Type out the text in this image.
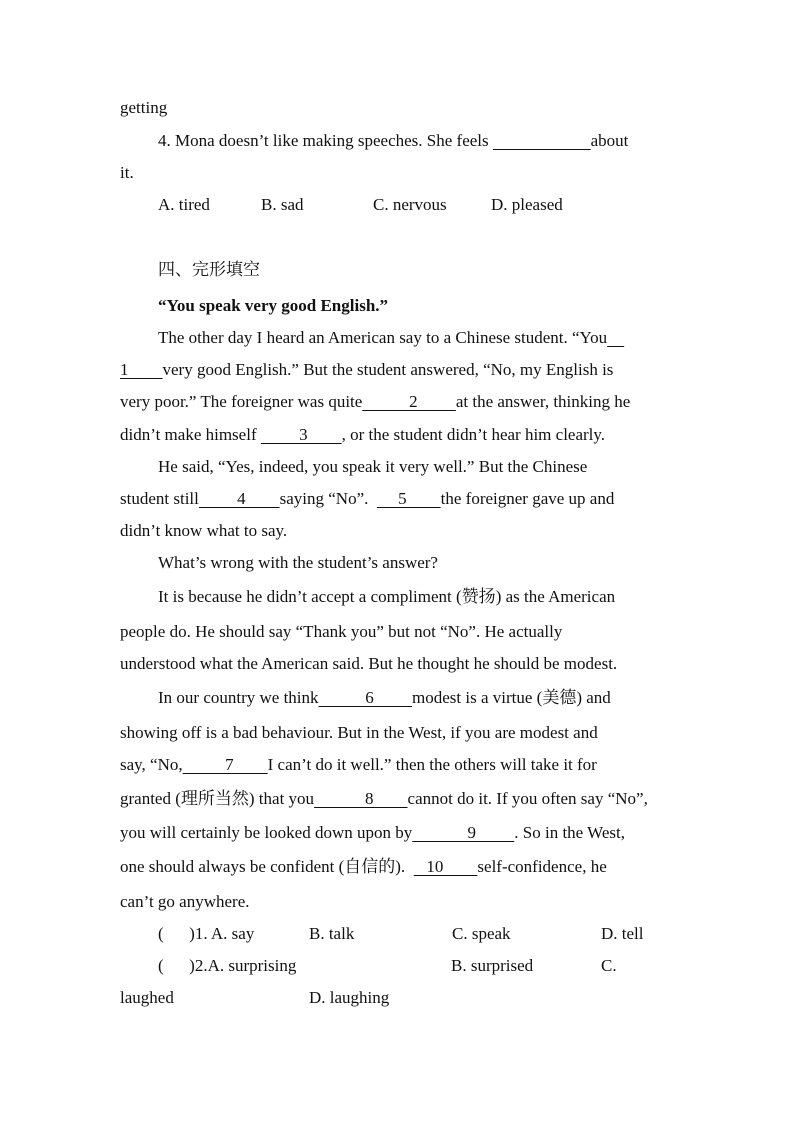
getting
4. Mona doesn’t like making speeches. She feels	about
it.
A. tired	B. sad	C. nervous	D. pleased
四、完形填空
“You speak very good English.”
The other day I heard an American say to a Chinese student. “You
1        very good English.” But the student answered, “No, my English is
very poor.” The foreigner was quite           2         at the answer, thinking he
didn’t make himself          3        , or the student didn’t hear him clearly.
He said, “Yes, indeed, you speak it very well.” But the Chinese
student still         4        saying “No”.       5        the foreigner gave up and
didn’t know what to say.
What’s wrong with the student’s answer?
It is because he didn’t accept a compliment (赞扬) as the American
people do. He should say “Thank you” but not “No”. He actually
understood what the American said. But he thought he should be modest.
In our country we think           6         modest is a virtue (美德) and
showing off is a bad behaviour. But in the West, if you are modest and
say, “No,          7        I can’t do it well.” then the others will take it for
granted (理所当然) that you            8        cannot do it. If you often say “No”,
you will certainly be looked down upon by             9         . So in the West,
one should always be confident (自信的).     10        self-confidence, he
can’t go anywhere.
(      )1. A. say	B. talk	C. speak	D. tell
(      )2.A. surprising	B. surprised	C.
laughed	D. laughing
